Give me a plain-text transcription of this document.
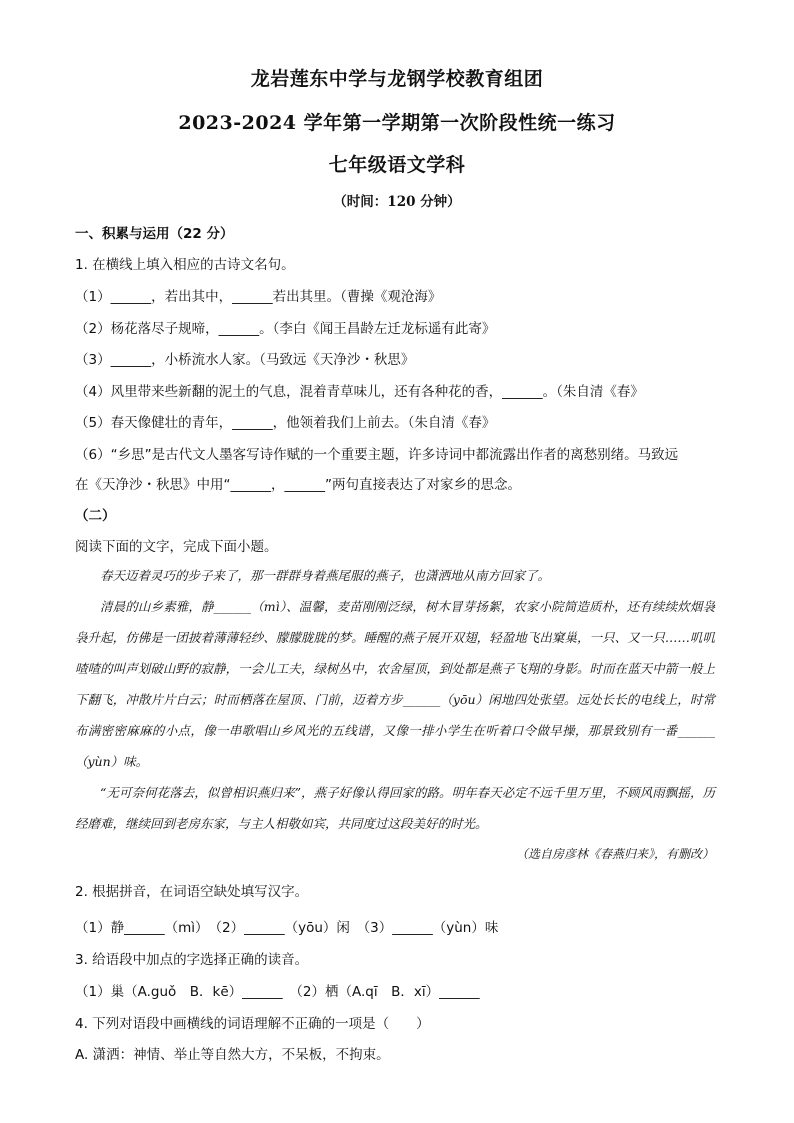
龙岩莲东中学与龙钢学校教育组团
2023-2024 学年第一学期第一次阶段性统一练习
七年级语文学科
（时间：120 分钟）
一、积累与运用（22 分）
1. 在横线上填入相应的古诗文名句。
（1）______，若出其中，______若出其里。（曹操《观沧海》
（2）杨花落尽子规啼，______。（李白《闻王昌龄左迁龙标遥有此寄》
（3）______，小桥流水人家。（马致远《天净沙・秋思》
（4）风里带来些新翻的泥土的气息，混着青草味儿，还有各种花的香，______。（朱自清《春》
（5）春天像健壮的青年，______，他领着我们上前去。（朱自清《春》
（6）“乡思”是古代文人墨客写诗作赋的一个重要主题，许多诗词中都流露出作者的离愁别绪。马致远
在《天净沙・秋思》中用“______，______”两句直接表达了对家乡的思念。
（二）
阅读下面的文字，完成下面小题。
春天迈着灵巧的步子来了，那一群群身着燕尾服的燕子，也潇洒地从南方回家了。
清晨的山乡素雅，静______（mì）、温馨，麦苗刚刚泛绿，树木冒芽扬絮，农家小院简造质朴，还有续续炊烟袅袅升起，仿佛是一团披着薄薄轻纱、朦朦胧胧的梦。睡醒的燕子展开双翅，轻盈地飞出窠巢，一只、又一只……叽叽喳喳的叫声划破山野的寂静，一会儿工夫，绿树丛中，农舍屋顶，到处都是燕子飞翔的身影。时而在蓝天中箭一般上下翻飞，冲散片片白云；时而栖落在屋顶、门前，迈着方步______（yōu）闲地四处张望。远处长长的电线上，时常布满密密麻麻的小点，像一串歌唱山乡风光的五线谱，又像一排小学生在听着口令做早操，那景致别有一番______（yùn）味。
“无可奈何花落去，似曾相识燕归来”，燕子好像认得回家的路。明年春天必定不远千里万里，不顾风雨飘摇，历经磨难，继续回到老房东家，与主人相敬如宾，共同度过这段美好的时光。
（选自房彦林《春燕归来》，有删改）
2. 根据拼音，在词语空缺处填写汉字。
（1）静______（mì）　（2）______（yōu）闲　（3）______（yùn）味
3. 给语段中加点的字选择正确的读音。
（1）巢（A.guǒ　B．kē）______　（2）栖（A.qī　B．xī）______
4. 下列对语段中画横线的词语理解不正确的一项是（　　）
A. 潇洒：神情、举止等自然大方，不呆板，不拘束。
